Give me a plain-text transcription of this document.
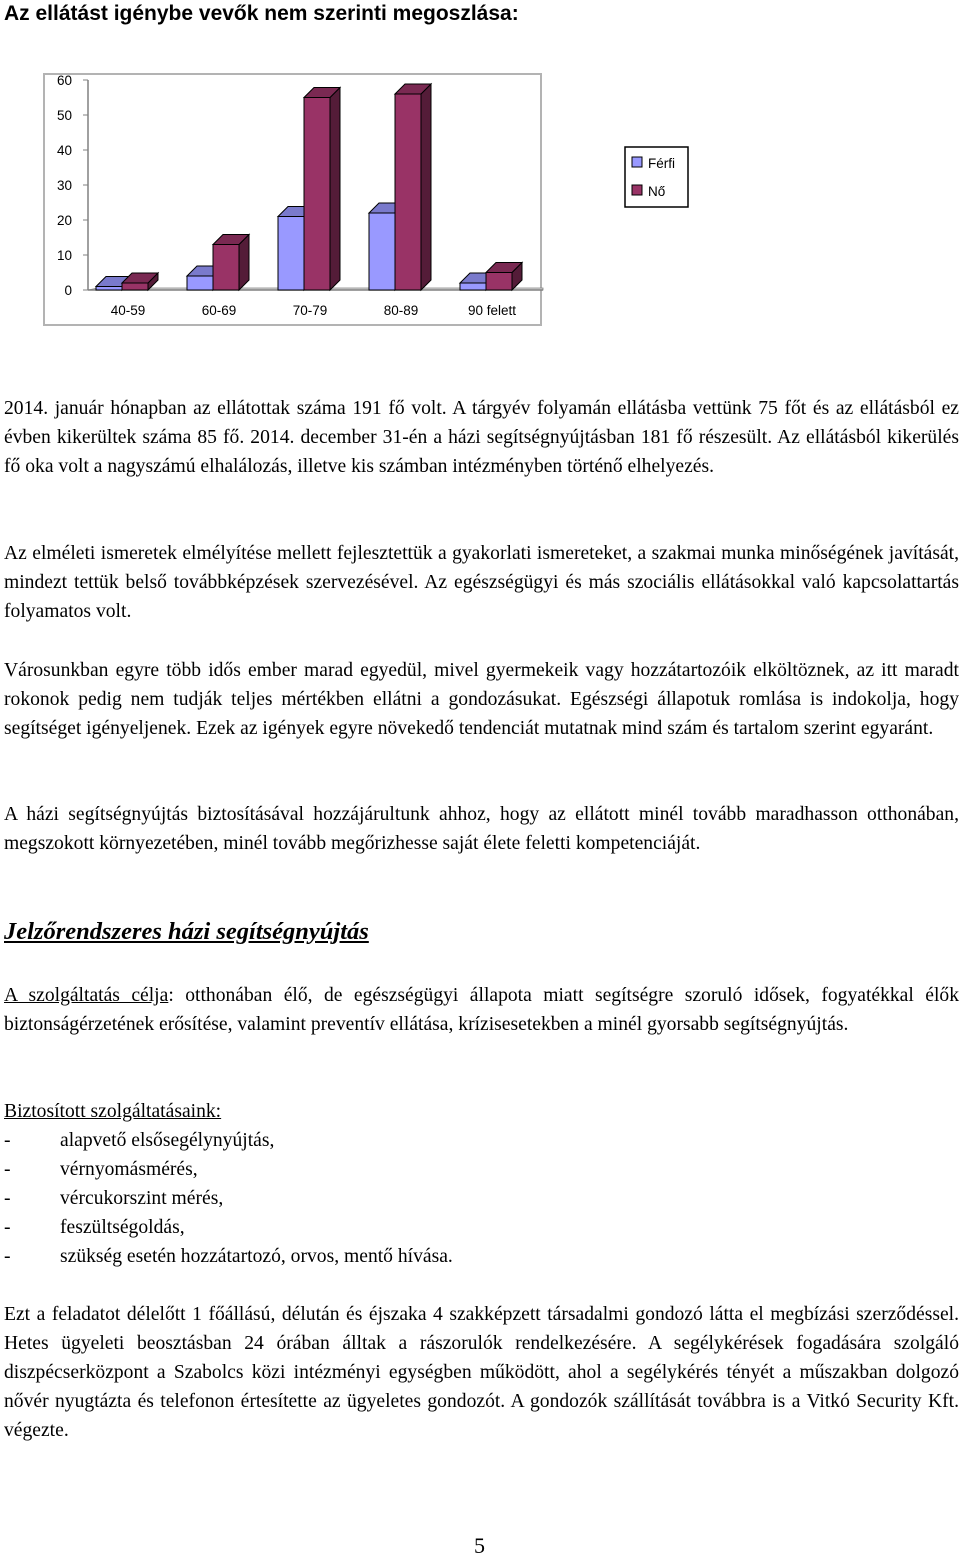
Az ellátást igénybe vevők nem szerinti megoszlása:
0
10
20
30
40
50
60
40-59	60-69	70-79	80-89	90 felett
Férfi
Nő

2014. január hónapban az ellátottak száma 191 fő volt. A tárgyév folyamán ellátásba vettünk 75 főt és az ellátásból ez évben kikerültek száma 85 fő. 2014. december 31-én a házi segítségnyújtásban 181 fő részesült. Az ellátásból kikerülés fő oka volt a nagyszámú elhalálozás, illetve kis számban intézményben történő elhelyezés.

Az elméleti ismeretek elmélyítése mellett fejlesztettük a gyakorlati ismereteket, a szakmai munka minőségének javítását, mindezt tettük belső továbbképzések szervezésével. Az egészségügyi és más szociális ellátásokkal való kapcsolattartás folyamatos volt.

Városunkban egyre több idős ember marad egyedül, mivel gyermekeik vagy hozzátartozóik elköltöznek, az itt maradt rokonok pedig nem tudják teljes mértékben ellátni a gondozásukat. Egészségi állapotuk romlása is indokolja, hogy segítséget igényeljenek. Ezek az igények egyre növekedő tendenciát mutatnak mind szám és tartalom szerint egyaránt.

A házi segítségnyújtás biztosításával hozzájárultunk ahhoz, hogy az ellátott minél tovább maradhasson otthonában, megszokott környezetében, minél tovább megőrizhesse saját élete feletti kompetenciáját.

Jelzőrendszeres házi segítségnyújtás

A szolgáltatás célja: otthonában élő, de egészségügyi állapota miatt segítségre szoruló idősek, fogyatékkal élők biztonságérzetének erősítése, valamint preventív ellátása, krízisesetekben a minél gyorsabb segítségnyújtás.

Biztosított szolgáltatásaink:

-	alapvető elsősegélynyújtás,
-	vérnyomásmérés,
-	vércukorszint mérés,
-	feszültségoldás,
-	szükség esetén hozzátartozó, orvos, mentő hívása.

Ezt a feladatot délelőtt 1 főállású, délután és éjszaka 4 szakképzett társadalmi gondozó látta el megbízási szerződéssel. Hetes ügyeleti beosztásban 24 órában álltak a rászorulók rendelkezésére. A segélykérések fogadására szolgáló diszpécserközpont a Szabolcs közi intézményi egységben működött, ahol a segélykérés tényét a műszakban dolgozó nővér nyugtázta és telefonon értesítette az ügyeletes gondozót. A gondozók szállítását továbbra is a Vitkó Security Kft. végezte.

5
